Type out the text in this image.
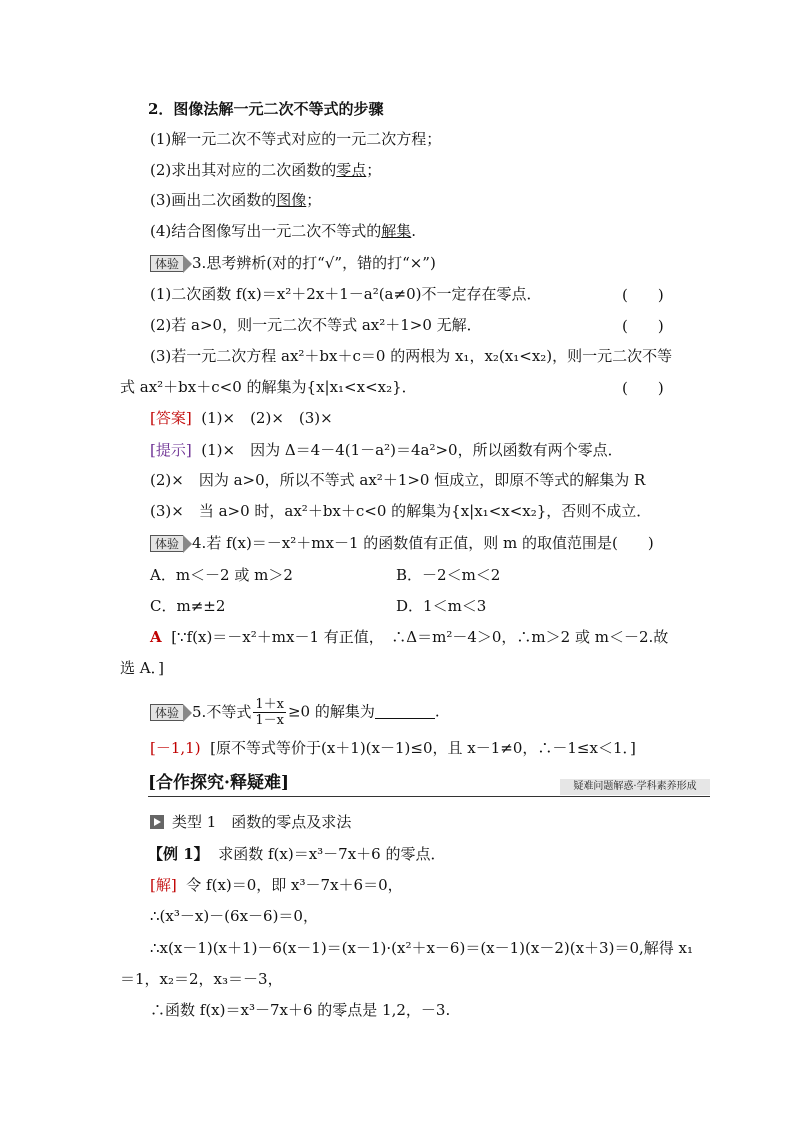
2．图像法解一元二次不等式的步骤
(1)解一元二次不等式对应的一元二次方程；
(2)求出其对应的二次函数的零点；
(3)画出二次函数的图像；
(4)结合图像写出一元二次不等式的解集.
体验 3.思考辨析(对的打“√”，错的打“×”)
(1)二次函数 f(x)＝x²＋2x＋1－a²(a≠0)不一定存在零点．	(　　)
(2)若 a>0，则一元二次不等式 ax²＋1>0 无解．	(　　)
(3)若一元二次方程 ax²＋bx＋c＝0 的两根为 x₁，x₂(x₁<x₂)，则一元二次不等
式 ax²＋bx＋c<0 的解集为{x|x₁<x<x₂}．	(　　)
[答案] (1)×　(2)×　(3)×
[提示] (1)×　因为 Δ＝4－4(1－a²)＝4a²>0，所以函数有两个零点．
(2)×　因为 a>0，所以不等式 ax²＋1>0 恒成立，即原不等式的解集为 R
(3)×　当 a>0 时，ax²＋bx＋c<0 的解集为{x|x₁<x<x₂}，否则不成立．
体验 4.若 f(x)＝－x²＋mx－1 的函数值有正值，则 m 的取值范围是(　　)
A．m＜－2 或 m＞2	B．－2＜m＜2
C．m≠±2	D．1＜m＜3
A [∵f(x)＝－x²＋mx－1 有正值，　∴Δ＝m²－4＞0，∴m＞2 或 m＜－2.故
选 A．]
体验 5.不等式 $\frac{1+x}{1-x} \ge 0$ 的解集为	.
[－1,1) [原不等式等价于(x＋1)(x－1)≤0，且 x－1≠0，∴－1≤x＜1．]
[合作探究·释疑难]	疑难问题解惑·学科素养形成
类型 1　函数的零点及求法
【例 1】 求函数 f(x)＝x³－7x＋6 的零点．
[解] 令 f(x)＝0，即 x³－7x＋6＝0，
∴(x³－x)－(6x－6)＝0，
∴x(x－1)(x＋1)－6(x－1)＝(x－1)·(x²＋x－6)＝(x－1)(x－2)(x＋3)＝0,解得 x₁
＝1，x₂＝2，x₃＝－3，
∴函数 f(x)＝x³－7x＋6 的零点是 1,2，－3.
